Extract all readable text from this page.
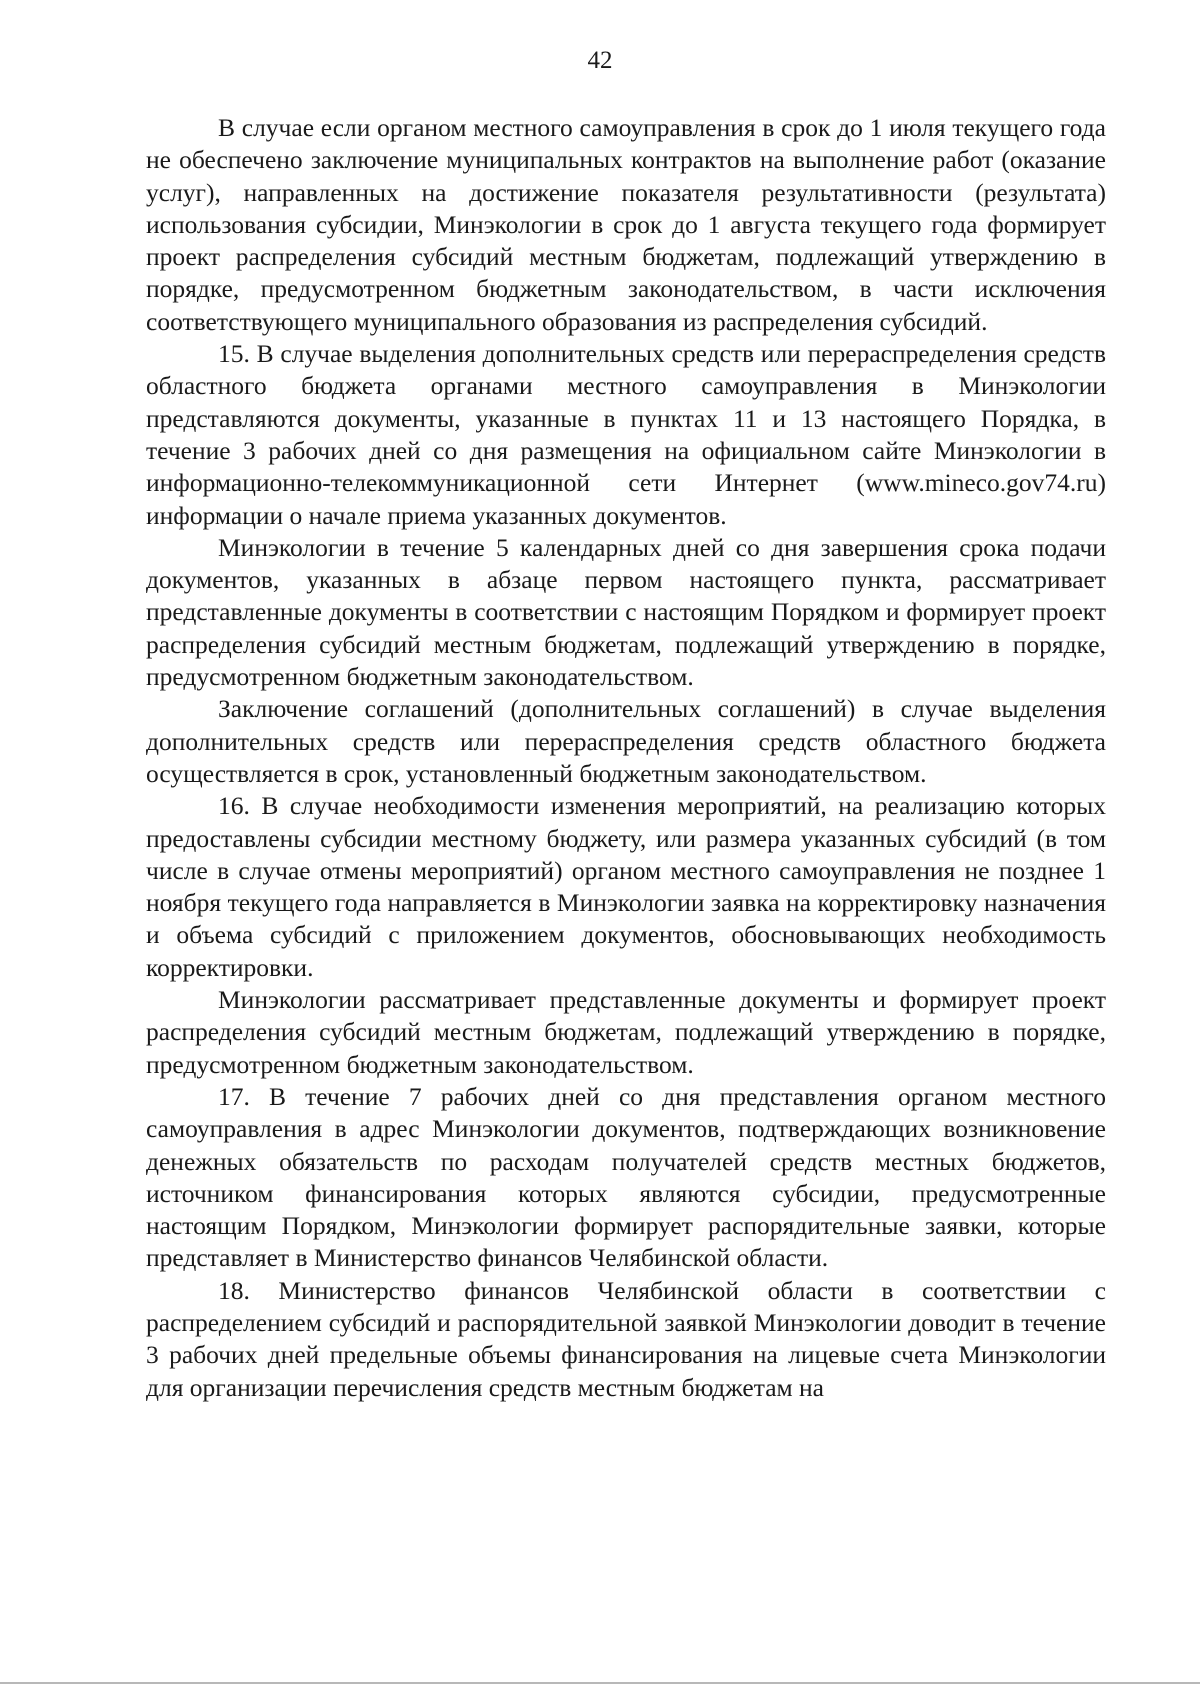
42

В случае если органом местного самоуправления в срок до 1 июля текущего года не обеспечено заключение муниципальных контрактов на выполнение работ (оказание услуг), направленных на достижение показателя результативности (результата) использования субсидии, Минэкологии в срок до 1 августа текущего года формирует проект распределения субсидий местным бюджетам, подлежащий утверждению в порядке, предусмотренном бюджетным законодательством, в части исключения соответствующего муниципального образования из распределения субсидий.

15. В случае выделения дополнительных средств или перераспределения средств областного бюджета органами местного самоуправления в Минэкологии представляются документы, указанные в пунктах 11 и 13 настоящего Порядка, в течение 3 рабочих дней со дня размещения на официальном сайте Минэкологии в информационно-телекоммуникационной сети Интернет (www.mineco.gov74.ru) информации о начале приема указанных документов.

Минэкологии в течение 5 календарных дней со дня завершения срока подачи документов, указанных в абзаце первом настоящего пункта, рассматривает представленные документы в соответствии с настоящим Порядком и формирует проект распределения субсидий местным бюджетам, подлежащий утверждению в порядке, предусмотренном бюджетным законодательством.

Заключение соглашений (дополнительных соглашений) в случае выделения дополнительных средств или перераспределения средств областного бюджета осуществляется в срок, установленный бюджетным законодательством.

16. В случае необходимости изменения мероприятий, на реализацию которых предоставлены субсидии местному бюджету, или размера указанных субсидий (в том числе в случае отмены мероприятий) органом местного самоуправления не позднее 1 ноября текущего года направляется в Минэкологии заявка на корректировку назначения и объема субсидий с приложением документов, обосновывающих необходимость корректировки.

Минэкологии рассматривает представленные документы и формирует проект распределения субсидий местным бюджетам, подлежащий утверждению в порядке, предусмотренном бюджетным законодательством.

17. В течение 7 рабочих дней со дня представления органом местного самоуправления в адрес Минэкологии документов, подтверждающих возникновение денежных обязательств по расходам получателей средств местных бюджетов, источником финансирования которых являются субсидии, предусмотренные настоящим Порядком, Минэкологии формирует распорядительные заявки, которые представляет в Министерство финансов Челябинской области.

18. Министерство финансов Челябинской области в соответствии с распределением субсидий и распорядительной заявкой Минэкологии доводит в течение 3 рабочих дней предельные объемы финансирования на лицевые счета Минэкологии для организации перечисления средств местным бюджетам на
